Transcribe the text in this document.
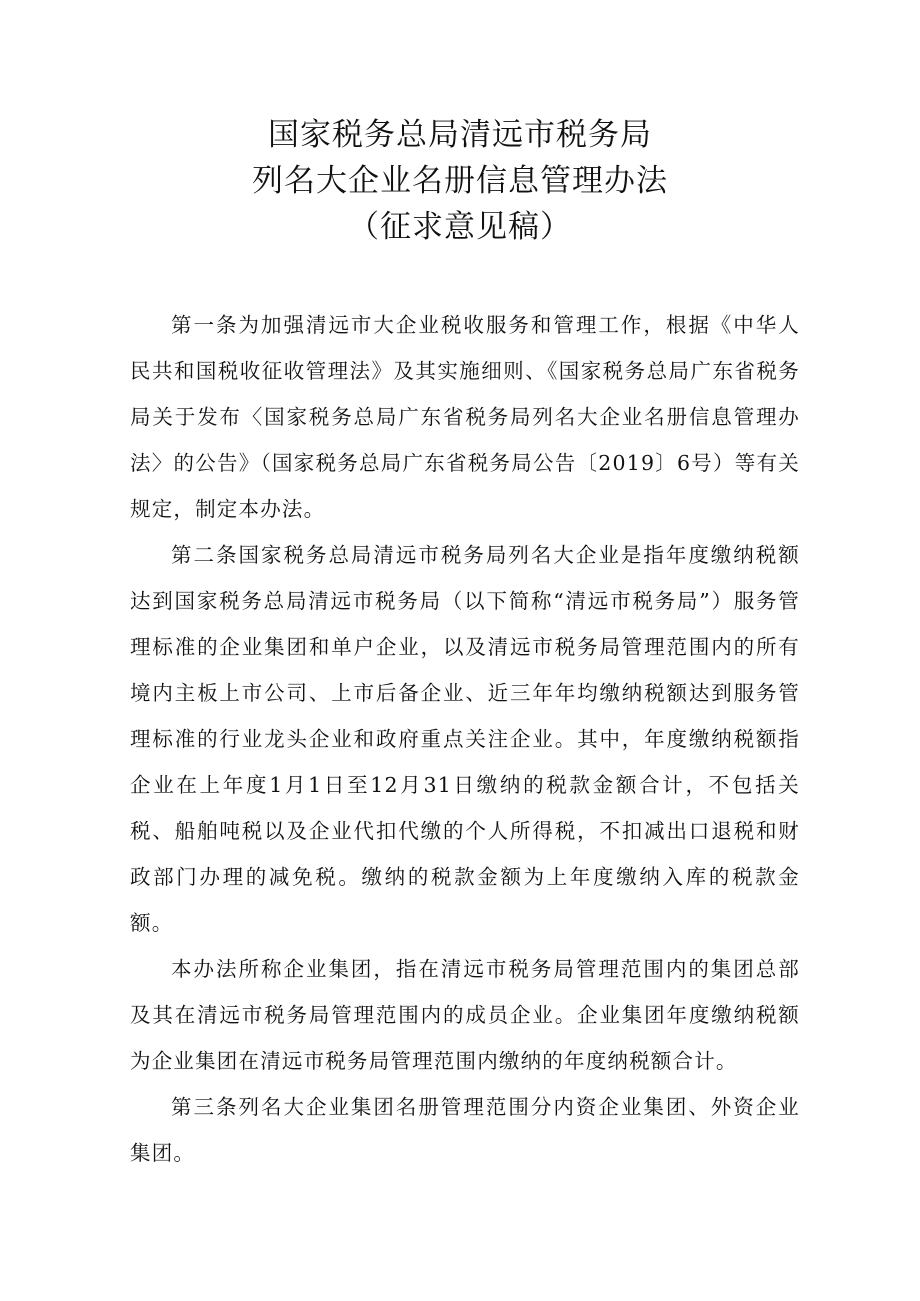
国家税务总局清远市税务局
列名大企业名册信息管理办法
（征求意见稿）

第一条为加强清远市大企业税收服务和管理工作，根据《中华人民共和国税收征收管理法》及其实施细则、《国家税务总局广东省税务局关于发布〈国家税务总局广东省税务局列名大企业名册信息管理办法〉的公告》（国家税务总局广东省税务局公告〔2019〕6号）等有关规定，制定本办法。

第二条国家税务总局清远市税务局列名大企业是指年度缴纳税额达到国家税务总局清远市税务局（以下简称“清远市税务局”）服务管理标准的企业集团和单户企业，以及清远市税务局管理范围内的所有境内主板上市公司、上市后备企业、近三年年均缴纳税额达到服务管理标准的行业龙头企业和政府重点关注企业。其中，年度缴纳税额指企业在上年度1月1日至12月31日缴纳的税款金额合计，不包括关税、船舶吨税以及企业代扣代缴的个人所得税，不扣减出口退税和财政部门办理的减免税。缴纳的税款金额为上年度缴纳入库的税款金额。

本办法所称企业集团，指在清远市税务局管理范围内的集团总部及其在清远市税务局管理范围内的成员企业。企业集团年度缴纳税额为企业集团在清远市税务局管理范围内缴纳的年度纳税额合计。

第三条列名大企业集团名册管理范围分内资企业集团、外资企业集团。
